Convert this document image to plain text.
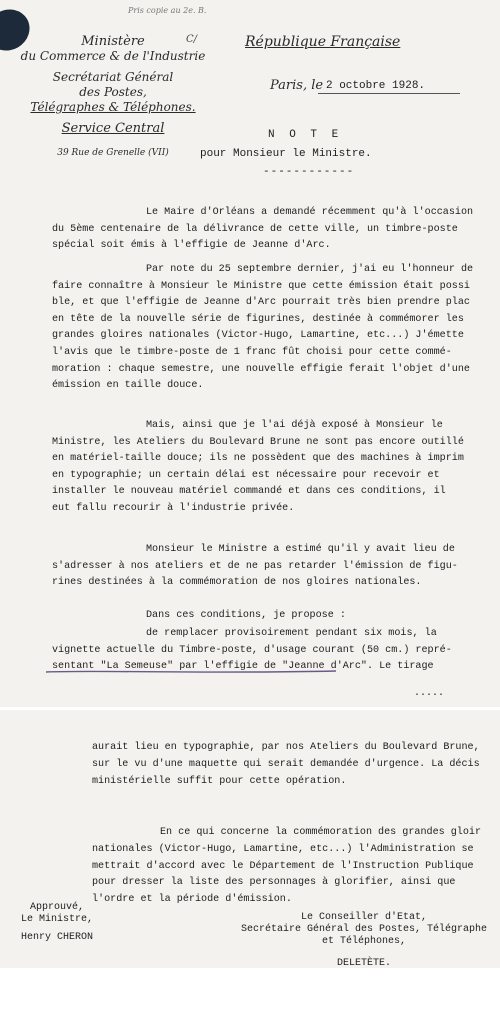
Pris copie au 2e. B.
C/
Ministère
du Commerce & de l'Industrie
Secrétariat Général
des Postes,
Télégraphes & Téléphones.
Service Central
39 Rue de Grenelle (VII)
République Française
Paris, le 2 octobre 1928.
N O T E
pour Monsieur le Ministre.
------------
Le Maire d'Orléans a demandé récemment qu'à l'occasion
du 5ème centenaire de la délivrance de cette ville, un timbre-poste
spécial soit émis à l'effigie de Jeanne d'Arc.
Par note du 25 septembre dernier, j'ai eu l'honneur de
faire connaître à Monsieur le Ministre que cette émission était possi
ble, et que l'effigie de Jeanne d'Arc pourrait très bien prendre plac
en tête de la nouvelle série de figurines, destinée à commémorer les
grandes gloires nationales (Victor-Hugo, Lamartine, etc...) J'émette
l'avis que le timbre-poste de 1 franc fût choisi pour cette commé-
moration : chaque semestre, une nouvelle effigie ferait l'objet d'une
émission en taille douce.
Mais, ainsi que je l'ai déjà exposé à Monsieur le
Ministre, les Ateliers du Boulevard Brune ne sont pas encore outillé
en matériel-taille douce; ils ne possèdent que des machines à imprim
en typographie; un certain délai est nécessaire pour recevoir et
installer le nouveau matériel commandé et dans ces conditions, il
eut fallu recourir à l'industrie privée.
Monsieur le Ministre a estimé qu'il y avait lieu de
s'adresser à nos ateliers et de ne pas retarder l'émission de figu-
rines destinées à la commémoration de nos gloires nationales.
Dans ces conditions, je propose :
de remplacer provisoirement pendant six mois, la
vignette actuelle du Timbre-poste, d'usage courant (50 cm.) repré-
sentant "La Semeuse" par l'effigie de "Jeanne d'Arc". Le tirage
.....
aurait lieu en typographie, par nos Ateliers du Boulevard Brune,
sur le vu d'une maquette qui serait demandée d'urgence. La décis
ministérielle suffit pour cette opération.
En ce qui concerne la commémoration des grandes gloir
nationales (Victor-Hugo, Lamartine, etc...) l'Administration se
mettrait d'accord avec le Département de l'Instruction Publique
pour dresser la liste des personnages à glorifier, ainsi que
l'ordre et la période d'émission.
Approuvé,
Le Ministre,
Henry CHERON
Le Conseiller d'Etat,
Secrétaire Général des Postes, Télégraphe
et Téléphones,
DELETÈTE.
